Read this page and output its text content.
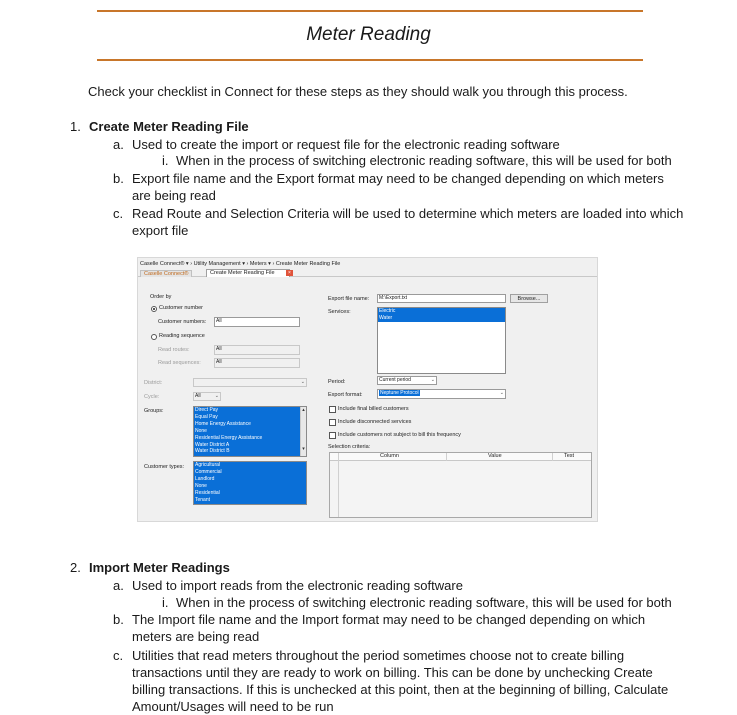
Meter Reading
Check your checklist in Connect for these steps as they should walk you through this process.
1. Create Meter Reading File
a. Used to create the import or request file for the electronic reading software
i. When in the process of switching electronic reading software, this will be used for both
b. Export file name and the Export format may need to be changed depending on which meters
are being read
c. Read Route and Selection Criteria will be used to determine which meters are loaded into which
export file
Caselle Connect® ▾ › Utility Management ▾ › Meters ▾ › Create Meter Reading File
Caselle Connect®	Create Meter Reading File	×
Order by
Customer number
Customer numbers:	All
Reading sequence
Read routes:	All
Read sequences:	All
District:	⌄
Cycle:	All	⌄
Groups:	Direct Pay
Equal Pay
Home Energy Assistance
None
Residential Energy Assistance
Water District A
Water District B
▴
▾
Customer types: Agricultural
Commercial
Landlord
None
Residential
Tenant
Export file name:	M:\Export.txt	Browse...
Services:	Electric
Water
Period:	Current period	⌄
Export format:	Neptune Protocol	⌄
Include final billed customers
Include disconnected services
Include customers not subject to bill this frequency
Selection criteria:
Column	Value	Test
2. Import Meter Readings
a. Used to import reads from the electronic reading software
i. When in the process of switching electronic reading software, this will be used for both
b. The Import file name and the Import format may need to be changed depending on which
meters are being read
c. Utilities that read meters throughout the period sometimes choose not to create billing
transactions until they are ready to work on billing. This can be done by unchecking Create
billing transactions. If this is unchecked at this point, then at the beginning of billing, Calculate
Amount/Usages will need to be run
